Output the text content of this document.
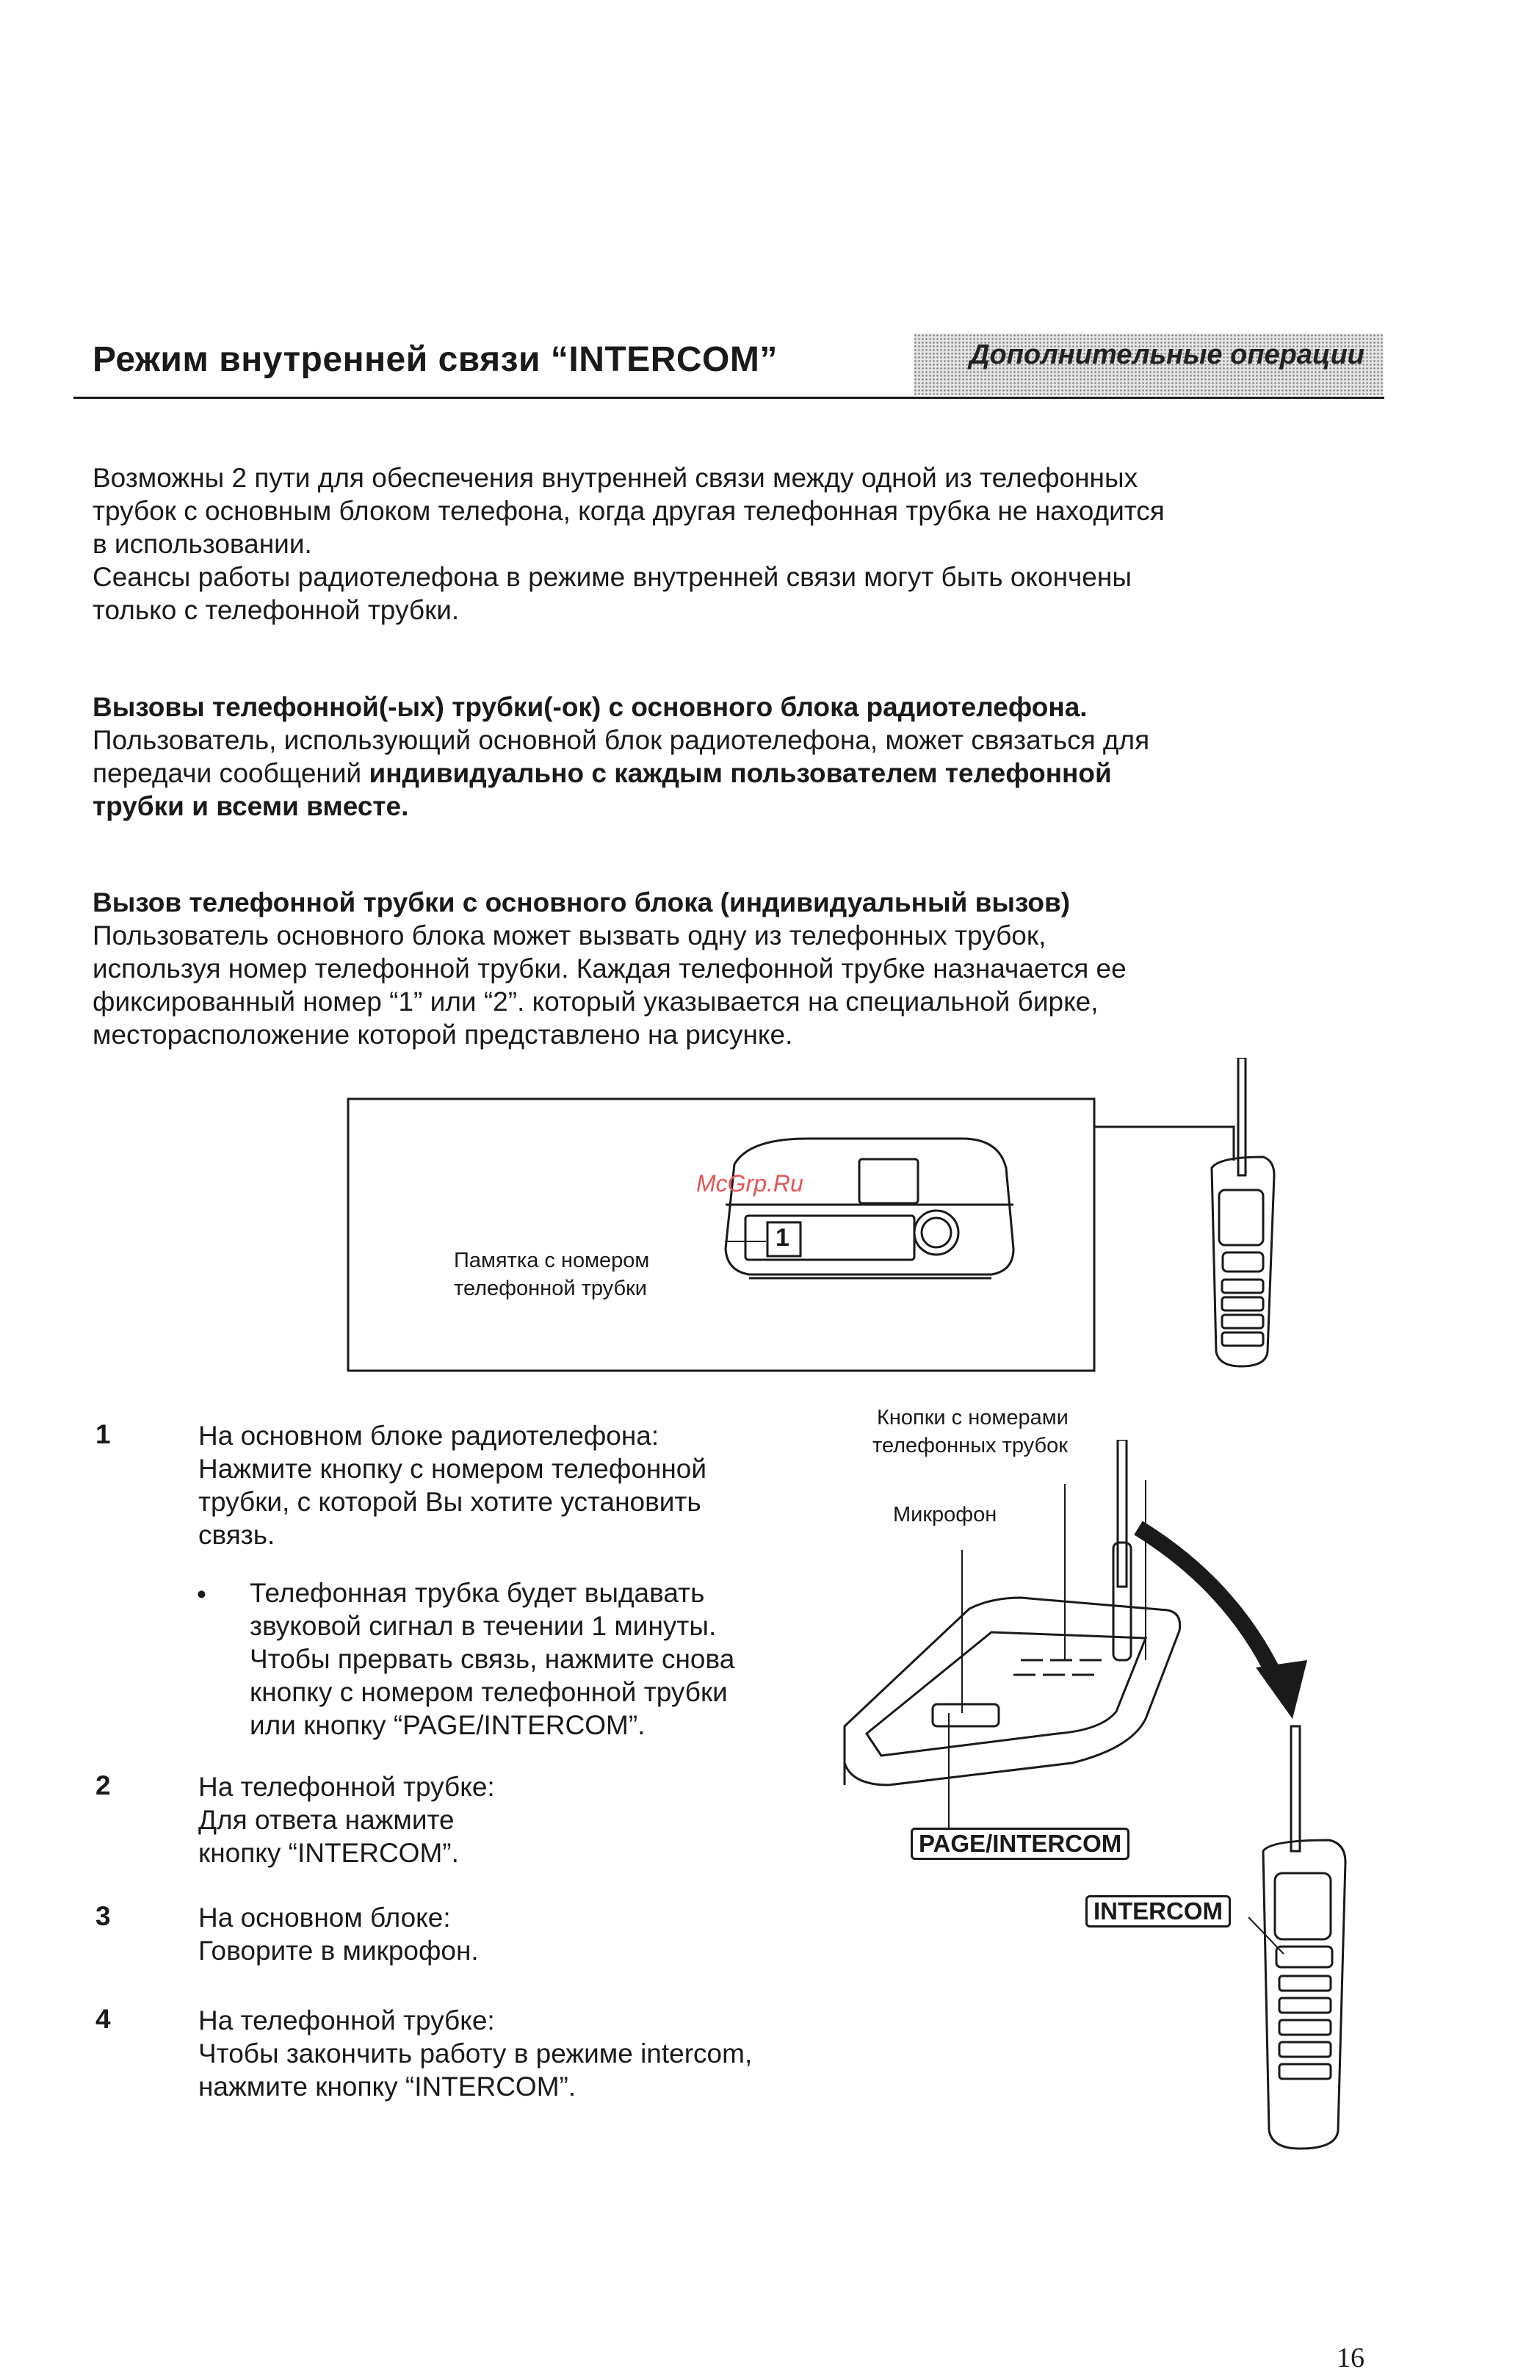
Режим внутренней связи “INTERCOM”	Дополнительные операции

Возможны 2 пути для обеспечения внутренней связи между одной из телефонных

трубок с основным блоком телефона, когда другая телефонная трубка не находится

в использовании.

Сеансы работы радиотелефона в режиме внутренней связи могут быть окончены

только с телефонной трубки.

Вызовы телефонной(-ых) трубки(-ок) с основного блока радиотелефона.

Пользователь, использующий основной блок радиотелефона, может связаться для

передачи сообщений индивидуально с каждым пользователем телефонной

трубки и всеми вместе.

Вызов телефонной трубки с основного блока (индивидуальный вызов)

Пользователь основного блока может вызвать одну из телефонных трубок,

используя номер телефонной трубки. Каждая телефонной трубке назначается ее

фиксированный номер “1” или “2”. который указывается на специальной бирке,

месторасположение которой представлено на рисунке.

Памятка с номером
телефонной трубки
1
McGrp.Ru
1	На основном блоке радиотелефона:

Нажмите кнопку с номером телефонной

трубки, с которой Вы хотите установить

связь.

• Телефонная трубка будет выдавать

звуковой сигнал в течении 1 минуты.

Чтобы прервать связь, нажмите снова

кнопку с номером телефонной трубки

или кнопку “PAGE/INTERCOM”.

2	На телефонной трубке:

Для ответа нажмите

кнопку “INTERCOM”.

3	На основном блоке:

Говорите в микрофон.

4	На телефонной трубке:

Чтобы закончить работу в режиме intercom,

нажмите кнопку “INTERCOM”.

Кнопки с номерами
телефонных трубок
Микрофон
PAGE/INTERCOM
INTERCOM
16
